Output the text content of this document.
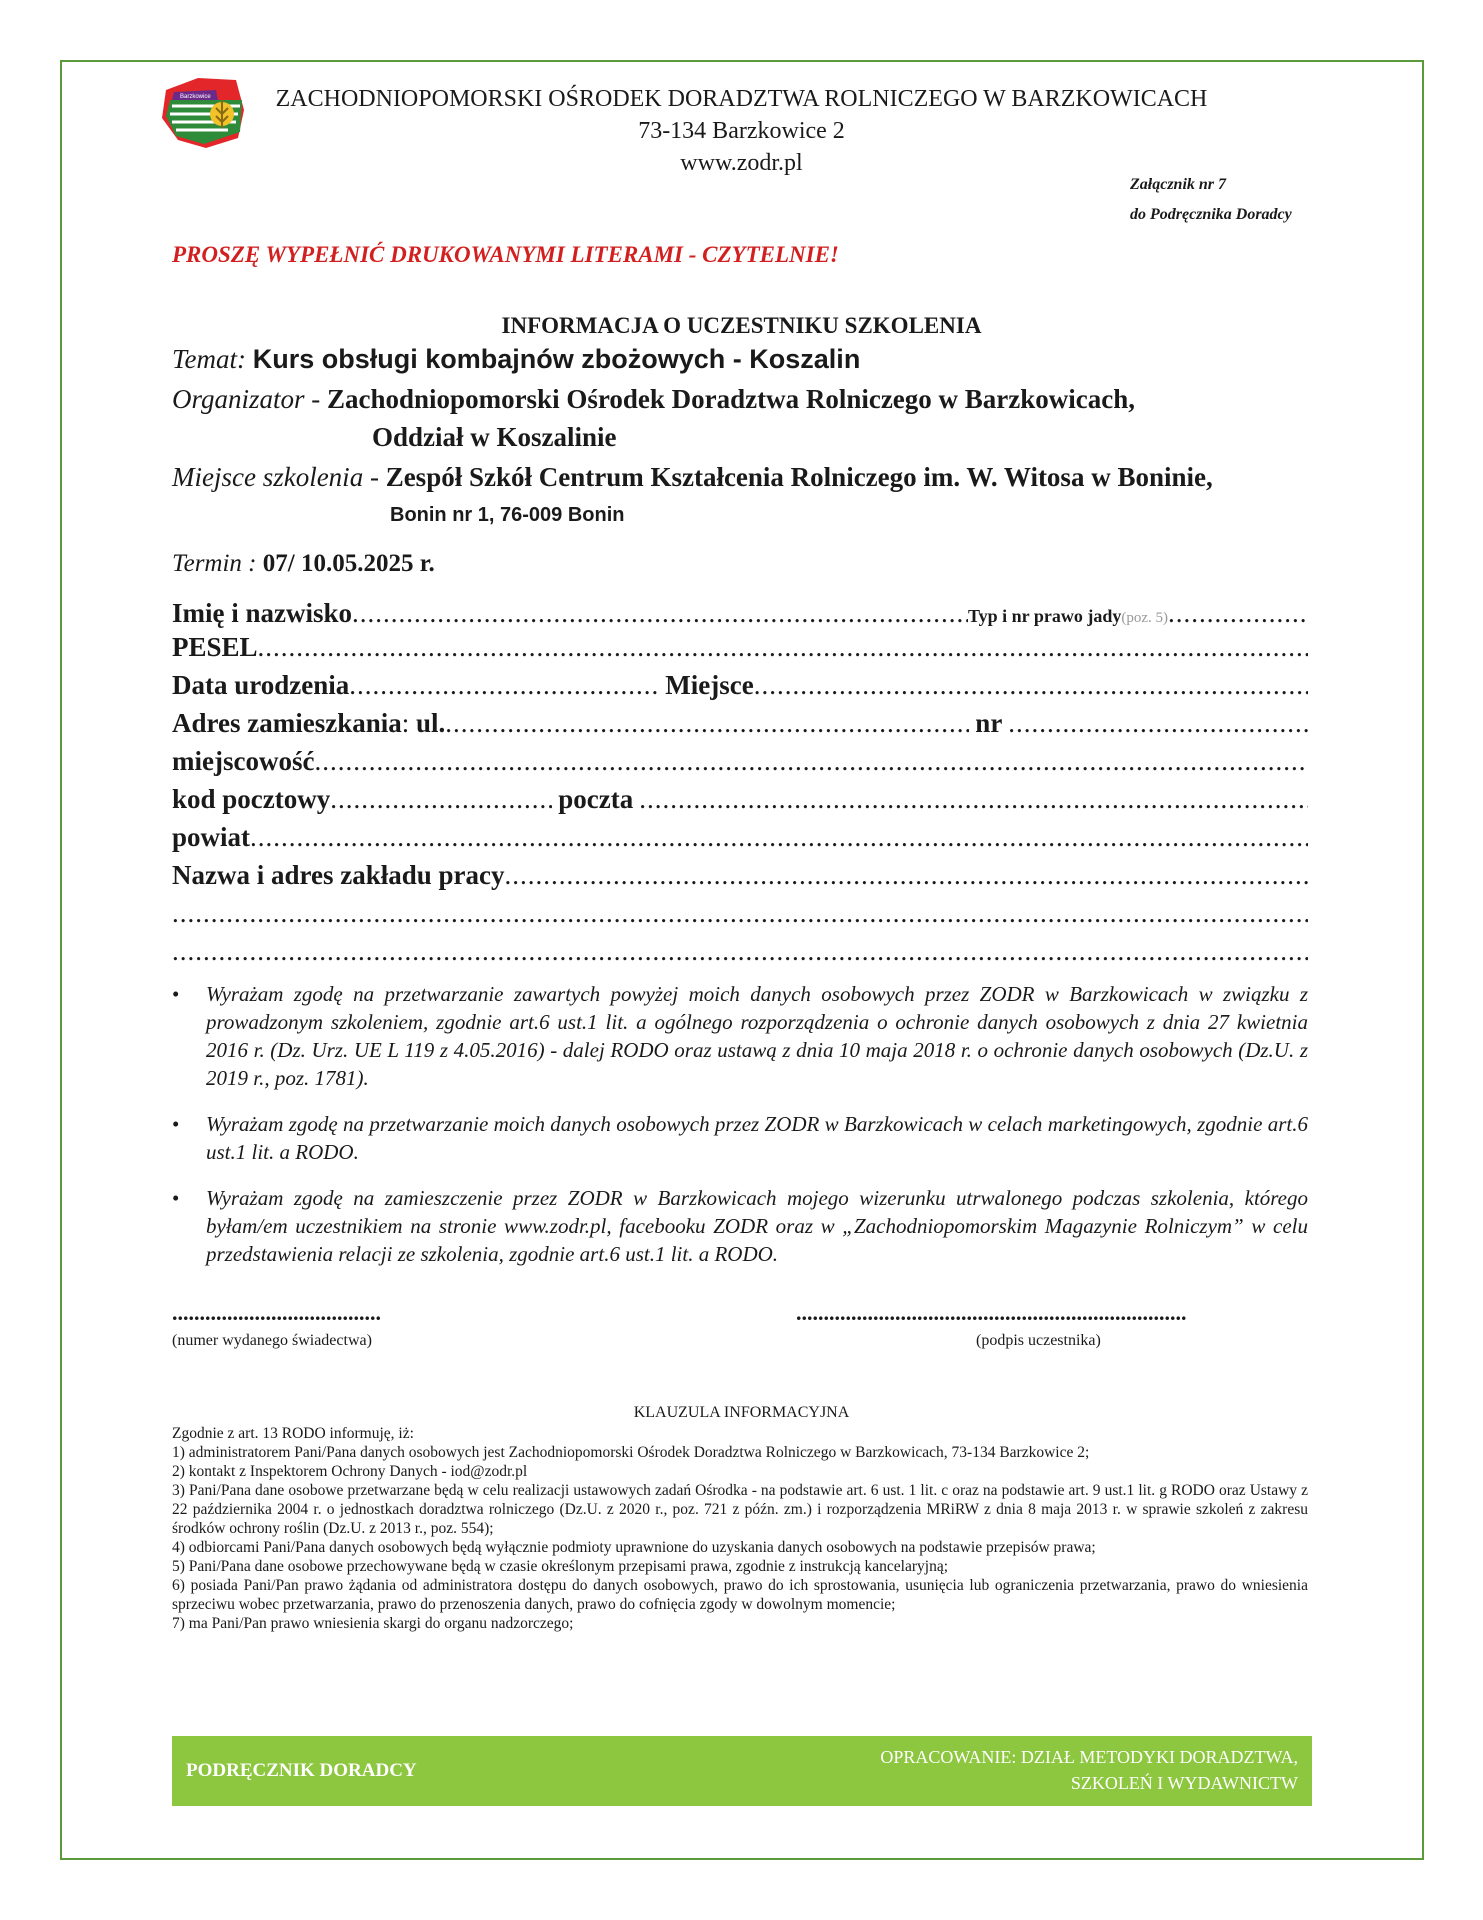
Barzkowice	ZACHODNIOPOMORSKI OŚRODEK DORADZTWA ROLNICZEGO W BARZKOWICACH
73-134 Barzkowice 2
www.zodr.pl
Załącznik nr 7
do Podręcznika Doradcy
PROSZĘ WYPEŁNIĆ DRUKOWANYMI LITERAMI - CZYTELNIE!
INFORMACJA O UCZESTNIKU SZKOLENIA
Temat: Kurs obsługi kombajnów zbożowych - Koszalin
Organizator - Zachodniopomorski Ośrodek Doradztwa Rolniczego w Barzkowicach,
Oddział w Koszalinie
Miejsce szkolenia - Zespół Szkół Centrum Kształcenia Rolniczego im. W. Witosa w Boninie,
Bonin nr 1, 76-009 Bonin
Termin : 07/ 10.05.2025 r.
Imię i nazwisko .....	Typ i nr prawo jady (poz. 5)
.....
PESEL
.....
Data urodzenia .....	Miejsce
.....
Adres zamieszkania : ul. .....	nr
.....
miejscowość
.....
kod pocztowy .....	poczta
.....
powiat
.....
Nazwa i adres zakładu pracy
.....
.....
.....
• Wyrażam zgodę na przetwarzanie zawartych powyżej moich danych osobowych przez ZODR w Barzkowicach w związku z prowadzonym szkoleniem, zgodnie art.6 ust.1 lit. a ogólnego rozporządzenia o ochronie danych osobowych z dnia 27 kwietnia 2016 r. (Dz. Urz. UE L 119 z 4.05.2016) - dalej RODO oraz ustawą z dnia 10 maja 2018 r. o ochronie danych osobowych (Dz.U. z 2019 r., poz. 1781).
• Wyrażam zgodę na przetwarzanie moich danych osobowych przez ZODR w Barzkowicach w celach marketingowych, zgodnie art.6 ust.1 lit. a RODO.
• Wyrażam zgodę na zamieszczenie przez ZODR w Barzkowicach mojego wizerunku utrwalonego podczas szkolenia, którego byłam/em uczestnikiem na stronie www.zodr.pl, facebooku ZODR oraz w „Zachodniopomorskim Magazynie Rolniczym” w celu przedstawienia relacji ze szkolenia, zgodnie art.6 ust.1 lit. a RODO.
......................................
(numer wydanego świadectwa)
.......................................................................
(podpis uczestnika)
KLAUZULA INFORMACYJNA
Zgodnie z art. 13 RODO informuję, iż:
1) administratorem Pani/Pana danych osobowych jest Zachodniopomorski Ośrodek Doradztwa Rolniczego w Barzkowicach, 73-134 Barzkowice 2;
2) kontakt z Inspektorem Ochrony Danych - iod@zodr.pl
3) Pani/Pana dane osobowe przetwarzane będą w celu realizacji ustawowych zadań Ośrodka - na podstawie art. 6 ust. 1 lit. c oraz na podstawie art. 9 ust.1 lit. g RODO oraz Ustawy z 22 października 2004 r. o jednostkach doradztwa rolniczego (Dz.U. z 2020 r., poz. 721 z późn. zm.) i rozporządzenia MRiRW z dnia 8 maja 2013 r. w sprawie szkoleń z zakresu środków ochrony roślin (Dz.U. z 2013 r., poz. 554);
4) odbiorcami Pani/Pana danych osobowych będą wyłącznie podmioty uprawnione do uzyskania danych osobowych na podstawie przepisów prawa;
5) Pani/Pana dane osobowe przechowywane będą w czasie określonym przepisami prawa, zgodnie z instrukcją kancelaryjną;
6) posiada Pani/Pan prawo żądania od administratora dostępu do danych osobowych, prawo do ich sprostowania, usunięcia lub ograniczenia przetwarzania, prawo do wniesienia sprzeciwu wobec przetwarzania, prawo do przenoszenia danych, prawo do cofnięcia zgody w dowolnym momencie;
7) ma Pani/Pan prawo wniesienia skargi do organu nadzorczego;
PODRĘCZNIK DORADCY
OPRACOWANIE: DZIAŁ METODYKI DORADZTWA,
SZKOLEŃ I WYDAWNICTW
